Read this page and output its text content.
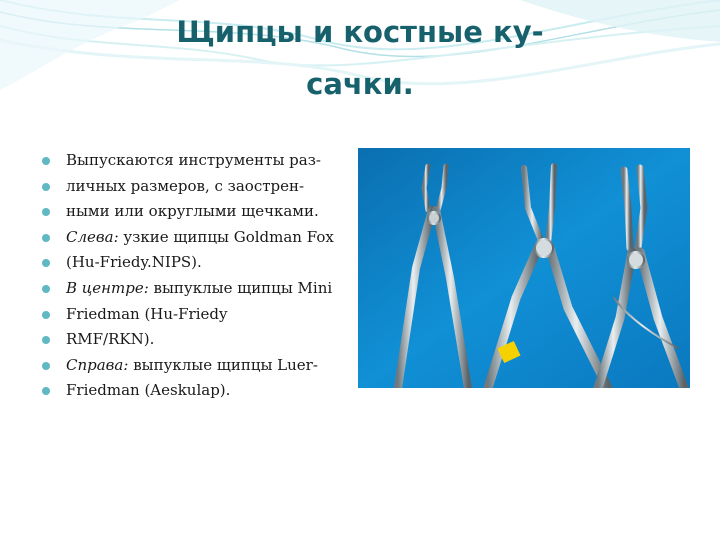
Щипцы и костные ку-
сачки.
Выпускаются инструменты раз-
личных размеров, с заострен-
ными или округлыми щечками.
Слева: узкие щипцы Goldman Fox
(Hu-Friedy.NIPS).
В центре: выпуклые щипцы Mini
Friedman (Hu-Friedy
RMF/RKN).
Справа: выпуклые щипцы Luer-
Friedman (Aeskulap).
